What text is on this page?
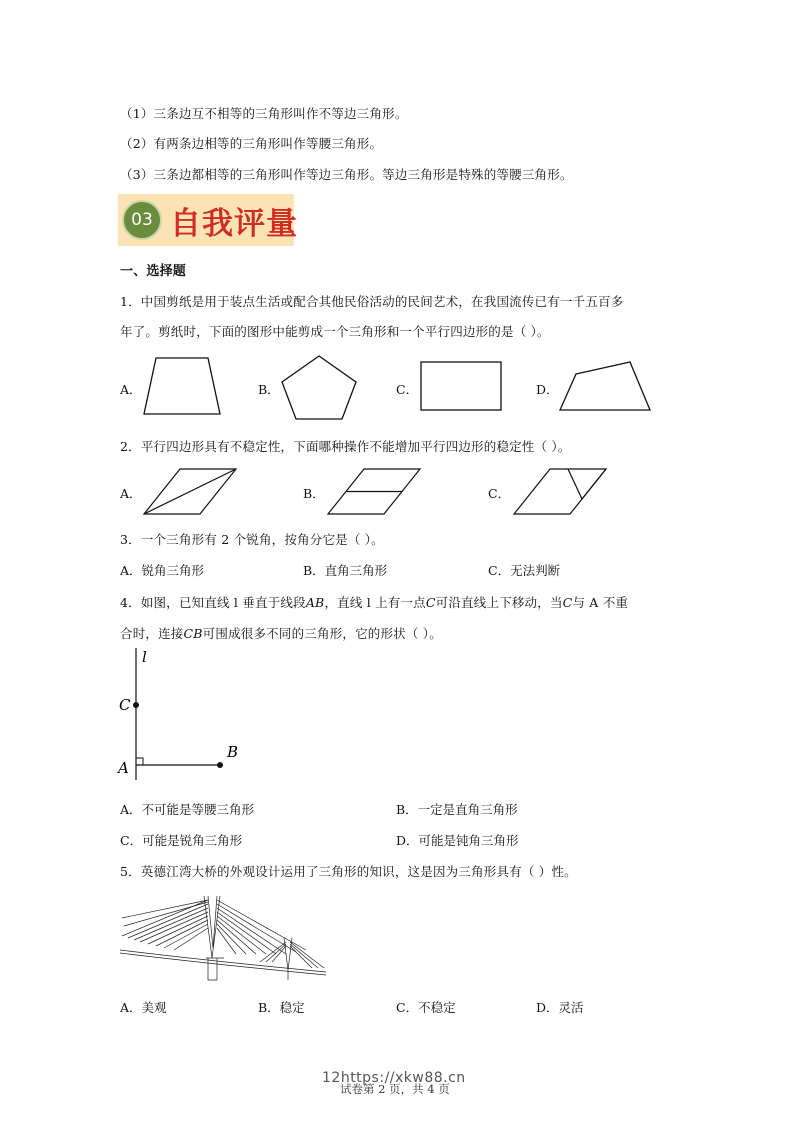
（1）三条边互不相等的三角形叫作不等边三角形。
（2）有两条边相等的三角形叫作等腰三角形。
（3）三条边都相等的三角形叫作等边三角形。等边三角形是特殊的等腰三角形。
03 自我评量
一、选择题
1．中国剪纸是用于装点生活或配合其他民俗活动的民间艺术，在我国流传已有一千五百多
年了。剪纸时，下面的图形中能剪成一个三角形和一个平行四边形的是（ ）。
A．	B．	C．	D．
2．平行四边形具有不稳定性，下面哪种操作不能增加平行四边形的稳定性（ ）。
A．	B．	C．
3．一个三角形有 2 个锐角，按角分它是（ ）。
A．锐角三角形	B．直角三角形	C．无法判断
4．如图，已知直线 l 垂直于线段AB，直线 l 上有一点C可沿直线上下移动，当C与 A 不重
合时，连接CB可围成很多不同的三角形，它的形状（ ）。
l
C
A
B
A．不可能是等腰三角形	B．一定是直角三角形
C．可能是锐角三角形	D．可能是钝角三角形
5．英德江湾大桥的外观设计运用了三角形的知识，这是因为三角形具有（ ）性。
A．美观	B．稳定	C．不稳定	D．灵活
12https://xkw88.cn
试卷第 2 页，共 4 页
